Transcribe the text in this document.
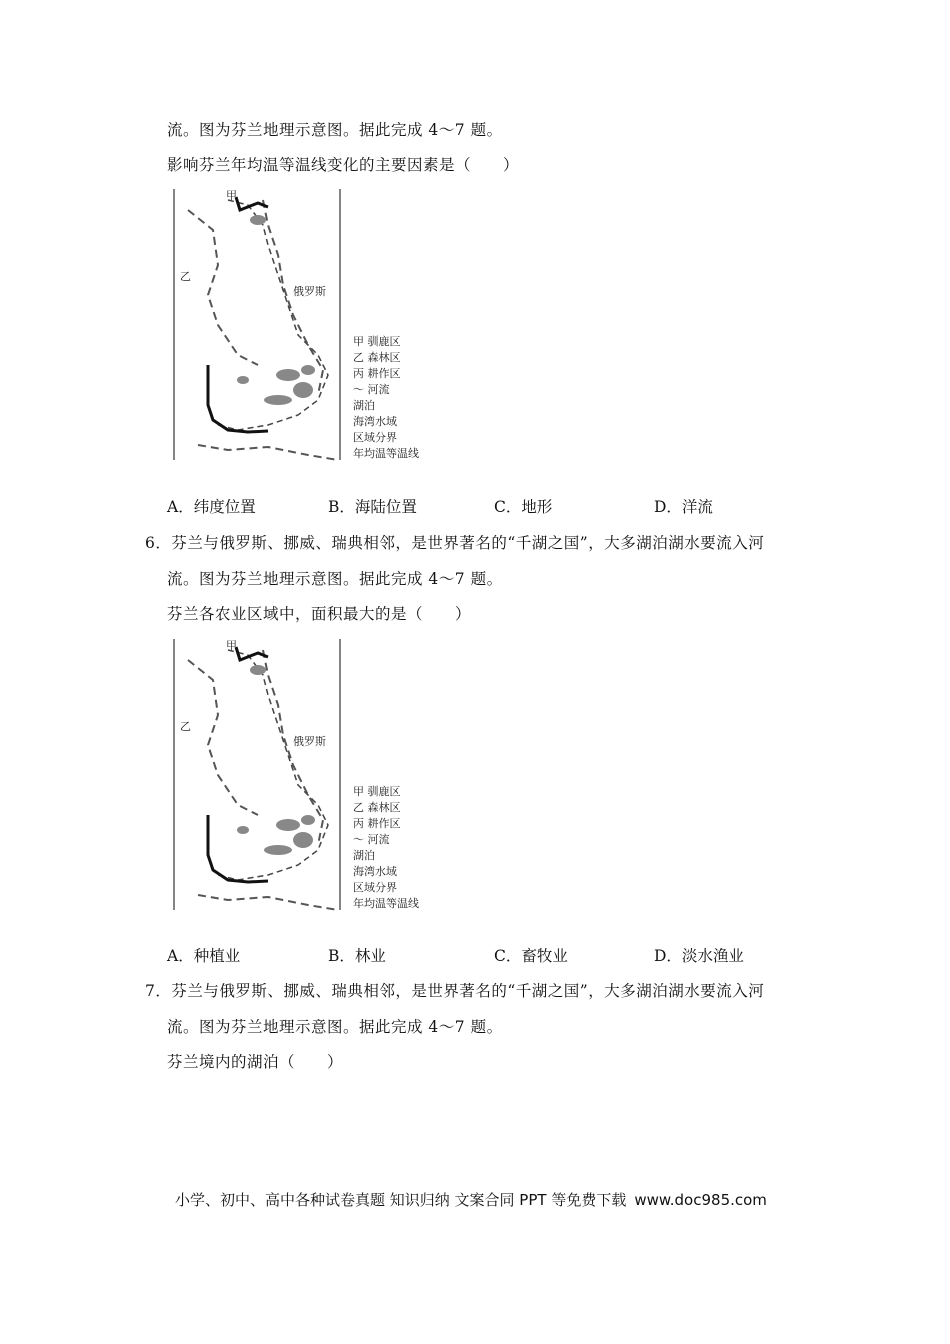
流。图为芬兰地理示意图。据此完成 4～7 题。
影响芬兰年均温等温线变化的主要因素是（　　）
甲
俄罗斯
乙
甲 驯鹿区
乙 森林区
丙 耕作区
～ 河流
湖泊
海湾水域
区域分界
年均温等温线
A．纬度位置	B．海陆位置	C．地形	D．洋流
6．芬兰与俄罗斯、挪威、瑞典相邻，是世界著名的“千湖之国”，大多湖泊湖水要流入河
流。图为芬兰地理示意图。据此完成 4～7 题。
芬兰各农业区域中，面积最大的是（　　）
甲
俄罗斯
乙
甲 驯鹿区
乙 森林区
丙 耕作区
～ 河流
湖泊
海湾水域
区域分界
年均温等温线
A．种植业	B．林业	C．畜牧业	D．淡水渔业
7．芬兰与俄罗斯、挪威、瑞典相邻，是世界著名的“千湖之国”，大多湖泊湖水要流入河
流。图为芬兰地理示意图。据此完成 4～7 题。
芬兰境内的湖泊（　　）
小学、初中、高中各种试卷真题 知识归纳 文案合同 PPT 等免费下载 www.doc985.com
